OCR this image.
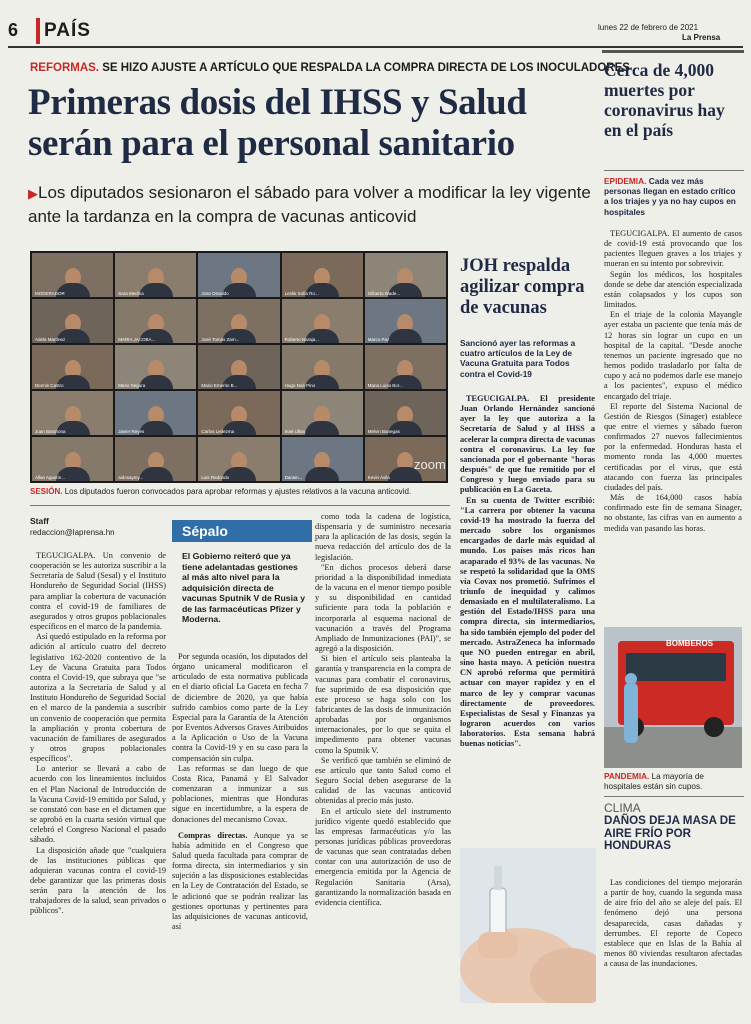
6 PAÍS	lunes 22 de febrero de 2021
La Prensa
REFORMAS. SE HIZO AJUSTE A ARTÍCULO QUE RESPALDA LA COMPRA DIRECTA DE LOS INOCULADORES
Primeras dosis del IHSS y Salud serán para el personal sanitario
▶Los diputados sesionaron el sábado para volver a modificar la ley vigente ante la tardanza en la compra de vacunas anticovid
MODERADOR	Sara Medina	Jose Osvaldo	Leslie Sofia Ro...	Gilberto Wade...
Adela Martínez	MARIA JACOBA...	José Tomás Zam...	Roberto Naraja...	Marco Paz
Dennis Castro	Mario Segura	Mario Emerito B...	Hugo Noé Pino	Maria Luisa Bor...
Juan Barahona	Javier Reyes	Carlos Ledezma	Iroel Ulloa	Melvin Banegas
Allan Agustín...	aidosaymy...	Luis Redondo	Darwin...	Kevin Avila
zoom
SESIÓN. Los diputados fueron convocados para aprobar reformas y ajustes relativos a la vacuna anticovid.
Staff
redaccion@laprensa.hn

TEGUCIGALPA. Un convenio de cooperación se les autoriza suscribir a la Secretaría de Salud (Sesal) y el Instituto Hondureño de Seguridad Social (IHSS) para ampliar la cobertura de vacunación contra el covid-19 de familiares de asegurados y otros grupos poblacionales específicos en el marco de la pandemia.

Así quedó estipulado en la reforma por adición al artículo cuatro del decreto legislativo 162-2020 contentivo de la Ley de Vacuna Gratuita para Todos contra el Covid-19, que subraya que "se autoriza a la Secretaría de Salud y al Instituto Hondureño de Seguridad Social en el marco de la pandemia a suscribir un convenio de cooperación que permita la ampliación y pronta cobertura de vacunación de familiares de asegurados y otros grupos poblacionales específicos".

Lo anterior se llevará a cabo de acuerdo con los lineamientos incluidos en el Plan Nacional de Introducción de la Vacuna Covid-19 emitido por Salud, y se constató con base en el dictamen que se aprobó en la cuarta sesión virtual que celebró el Congreso Nacional el pasado sábado.

La disposición añade que "cualquiera de las instituciones públicas que adquieran vacunas contra el covid-19 debe garantizar que las primeras dosis serán para la atención de los trabajadores de la salud, sean privados o públicos".

Sépalo
El Gobierno reiteró que ya tiene adelantadas gestiones al más alto nivel para la adquisición directa de vacunas Sputnik V de Rusia y de las farmacéuticas Pfizer y Moderna.

Por segunda ocasión, los diputados del órgano unicameral modificaron el articulado de esta normativa publicada en el diario oficial La Gaceta en fecha 7 de diciembre de 2020, ya que había sufrido cambios como parte de la Ley Especial para la Garantía de la Atención por Eventos Adversos Graves Atribuidos a la Aplicación o Uso de la Vacuna contra la Covid-19 y en su caso para la compensación sin culpa.

Las reformas se dan luego de que Costa Rica, Panamá y El Salvador comenzaran a inmunizar a sus poblaciones, mientras que Honduras sigue en incertidumbre, a la espera de donaciones del mecanismo Covax.

Compras directas. Aunque ya se había admitido en el Congreso que Salud queda facultada para comprar de forma directa, sin intermediarios y sin sujeción a las disposiciones establecidas en la Ley de Contratación del Estado, se le adicionó que se podrán realizar las gestiones oportunas y pertinentes para las adquisiciones de vacunas anticovid, así

como toda la cadena de logística, dispensaria y de suministro necesaria para la aplicación de las dosis, según la nueva redacción del artículo dos de la legislación.

"En dichos procesos deberá darse prioridad a la disponibilidad inmediata de la vacuna en el menor tiempo posible y su disponibilidad en cantidad suficiente para toda la población e incorporarla al esquema nacional de vacunación a través del Programa Ampliado de Inmunizaciones (PAI)", se agregó a la disposición.

Si bien el artículo seis planteaba la garantía y transparencia en la compra de vacunas para combatir el coronavirus, fue suprimido de esa disposición que este proceso se haga solo con los fabricantes de las dosis de inmunización aprobadas por organismos internacionales, por lo que se quita el impedimento para obtener vacunas como la Sputnik V.

Se verificó que también se eliminó de ese artículo que tanto Salud como el Seguro Social deben asegurarse de la calidad de las vacunas anticovid obtenidas al precio más justo.

En el artículo siete del instrumento jurídico vigente quedó establecido que las empresas farmacéuticas y/o las personas jurídicas públicas proveedoras de vacunas que sean contratadas deben contar con una autorización de uso de emergencia emitida por la Agencia de Regulación Sanitaria (Arsa), garantizando la normalización basada en evidencia científica.

JOH respalda agilizar compra de vacunas
Sancionó ayer las reformas a cuatro artículos de la Ley de Vacuna Gratuita para Todos contra el Covid-19

TEGUCIGALPA. El presidente Juan Orlando Hernández sancionó ayer la ley que autoriza a la Secretaría de Salud y al IHSS a acelerar la compra directa de vacunas contra el coronavirus. La ley fue sancionada por el gobernante "horas después" de que fue remitido por el Congreso y luego enviado para su publicación en La Gaceta.

En su cuenta de Twitter escribió: "La carrera por obtener la vacuna covid-19 ha mostrado la fuerza del mercado sobre los organismos encargados de darle más equidad al mundo. Los países más ricos han acaparado el 93% de las vacunas. No se respetó la solidaridad que la OMS vía Covax nos prometió. Sufrimos el triunfo de inequidad y calimos demasiado en el multilateralismo. La gestión del Estado/IHSS para una compra directa, sin intermediarios, ha sido también ejemplo del poder del mercado. AstraZeneca ha informado que NO pueden entregar en abril, sino hasta mayo. A petición nuestra CN aprobó reforma que permitirá actuar con mayor rapidez y en el marco de ley y comprar vacunas directamente de proveedores. Especialistas de Sesal y Finanzas ya lograron acuerdos con varios laboratorios. Esta semana habrá buenas noticias".

Cerca de 4,000 muertes por coronavirus hay en el país
EPIDEMIA. Cada vez más personas llegan en estado crítico a los triajes y ya no hay cupos en hospitales

TEGUCIGALPA. El aumento de casos de covid-19 está provocando que los pacientes lleguen graves a los triajes y mueran en su intento por sobrevivir.

Según los médicos, los hospitales donde se debe dar atención especializada están colapsados y los cupos son limitados.

En el triaje de la colonia Mayangle ayer estaba un paciente que tenía más de 12 horas sin lograr un cupo en un hospital de la capital. "Desde anoche tenemos un paciente ingresado que no hemos podido trasladarlo por falta de cupo y acá no podemos darle ese manejo a los pacientes", expuso el médico encargado del triaje.

El reporte del Sistema Nacional de Gestión de Riesgos (Sinager) establece que entre el viernes y sábado fueron confirmados 27 nuevos fallecimientos por la enfermedad. Honduras hasta el momento ronda las 4,000 muertes certificadas por el virus, que está atacando con fuerza las principales ciudades del país.

Más de 164,000 casos había confirmado este fin de semana Sinager, no obstante, las cifras van en aumento a medida van pasando las horas.

BOMBEROS
PANDEMIA. La mayoría de hospitales están sin cupos.
CLIMA
DAÑOS DEJA MASA DE AIRE FRÍO POR HONDURAS

Las condiciones del tiempo mejorarán a partir de hoy, cuando la segunda masa de aire frío del año se aleje del país. El fenómeno dejó una persona desaparecida, casas dañadas y derrumbes. El reporte de Copeco establece que en Islas de la Bahía al menos 80 viviendas resultaron afectadas a causa de las inundaciones.
